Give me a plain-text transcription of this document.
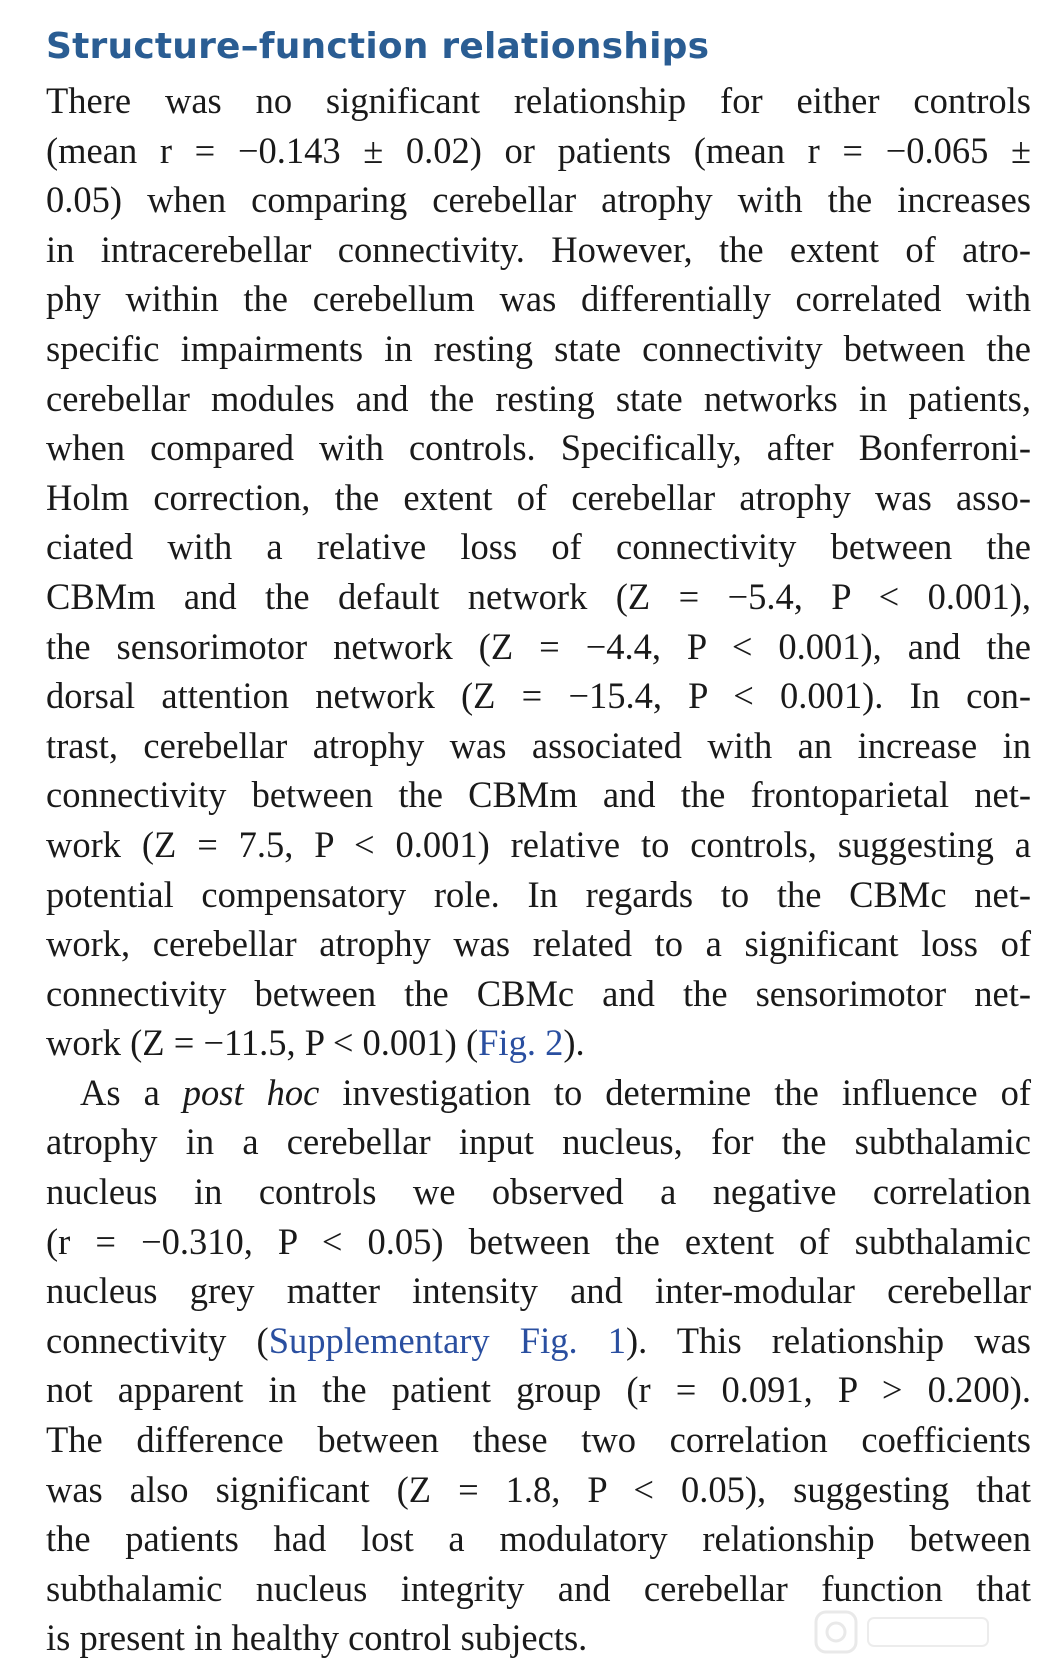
Structure–function relationships
There was no significant relationship for either controls
(mean r = −0.143 ± 0.02) or patients (mean r = −0.065 ±
0.05) when comparing cerebellar atrophy with the increases
in intracerebellar connectivity. However, the extent of atro-
phy within the cerebellum was differentially correlated with
specific impairments in resting state connectivity between the
cerebellar modules and the resting state networks in patients,
when compared with controls. Specifically, after Bonferroni-
Holm correction, the extent of cerebellar atrophy was asso-
ciated with a relative loss of connectivity between the
CBMm and the default network (Z = −5.4, P < 0.001),
the sensorimotor network (Z = −4.4, P < 0.001), and the
dorsal attention network (Z = −15.4, P < 0.001). In con-
trast, cerebellar atrophy was associated with an increase in
connectivity between the CBMm and the frontoparietal net-
work (Z = 7.5, P < 0.001) relative to controls, suggesting a
potential compensatory role. In regards to the CBMc net-
work, cerebellar atrophy was related to a significant loss of
connectivity between the CBMc and the sensorimotor net-
work (Z = −11.5, P < 0.001) (Fig. 2).
As a post hoc investigation to determine the influence of
atrophy in a cerebellar input nucleus, for the subthalamic
nucleus in controls we observed a negative correlation
(r = −0.310, P < 0.05) between the extent of subthalamic
nucleus grey matter intensity and inter-modular cerebellar
connectivity (Supplementary Fig. 1). This relationship was
not apparent in the patient group (r = 0.091, P > 0.200).
The difference between these two correlation coefficients
was also significant (Z = 1.8, P < 0.05), suggesting that
the patients had lost a modulatory relationship between
subthalamic nucleus integrity and cerebellar function that
is present in healthy control subjects.
